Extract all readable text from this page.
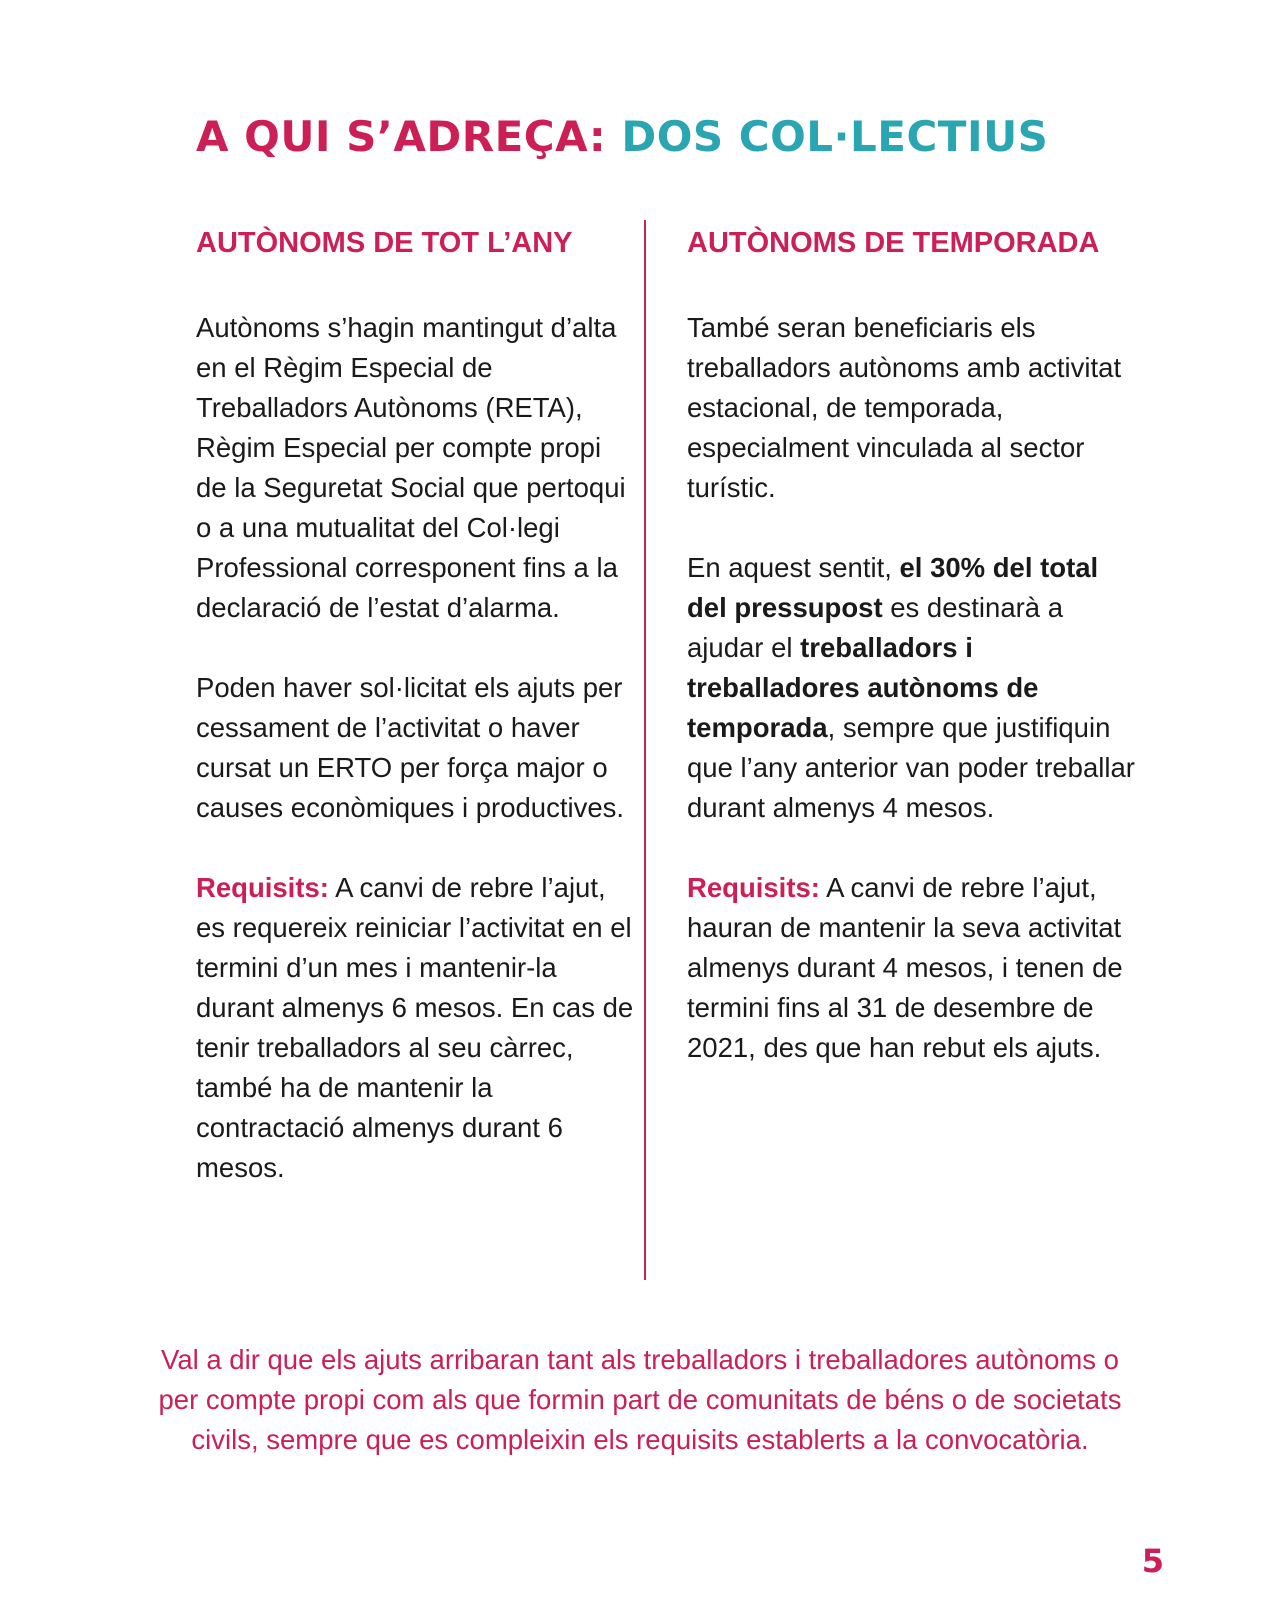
A QUI S’ADREÇA: DOS COL·LECTIUS
AUTÒNOMS DE TOT L’ANY

Autònoms s’hagin mantingut d’alta en el Règim Especial de Treballadors Autònoms (RETA), Règim Especial per compte propi de la Seguretat Social que pertoqui o a una mutualitat del Col·legi Professional corresponent fins a la declaració de l’estat d’alarma.

Poden haver sol·licitat els ajuts per cessament de l’activitat o haver cursat un ERTO per força major o causes econòmiques i productives.

Requisits: A canvi de rebre l’ajut, es requereix reiniciar l’activitat en el termini d’un mes i mantenir-la durant almenys 6 mesos. En cas de tenir treballadors al seu càrrec, també ha de mantenir la contractació almenys durant 6 mesos.

AUTÒNOMS DE TEMPORADA

També seran beneficiaris els treballadors autònoms amb activitat estacional, de temporada, especialment vinculada al sector turístic.

En aquest sentit, el 30% del total del pressupost es destinarà a ajudar el treballadors i treballadores autònoms de temporada, sempre que justifiquin que l’any anterior van poder treballar durant almenys 4 mesos.

Requisits: A canvi de rebre l’ajut, hauran de mantenir la seva activitat almenys durant 4 mesos, i tenen de termini fins al 31 de desembre de 2021, des que han rebut els ajuts.

Val a dir que els ajuts arribaran tant als treballadors i treballadores autònoms o per compte propi com als que formin part de comunitats de béns o de societats civils, sempre que es compleixin els requisits establerts a la convocatòria.

5
